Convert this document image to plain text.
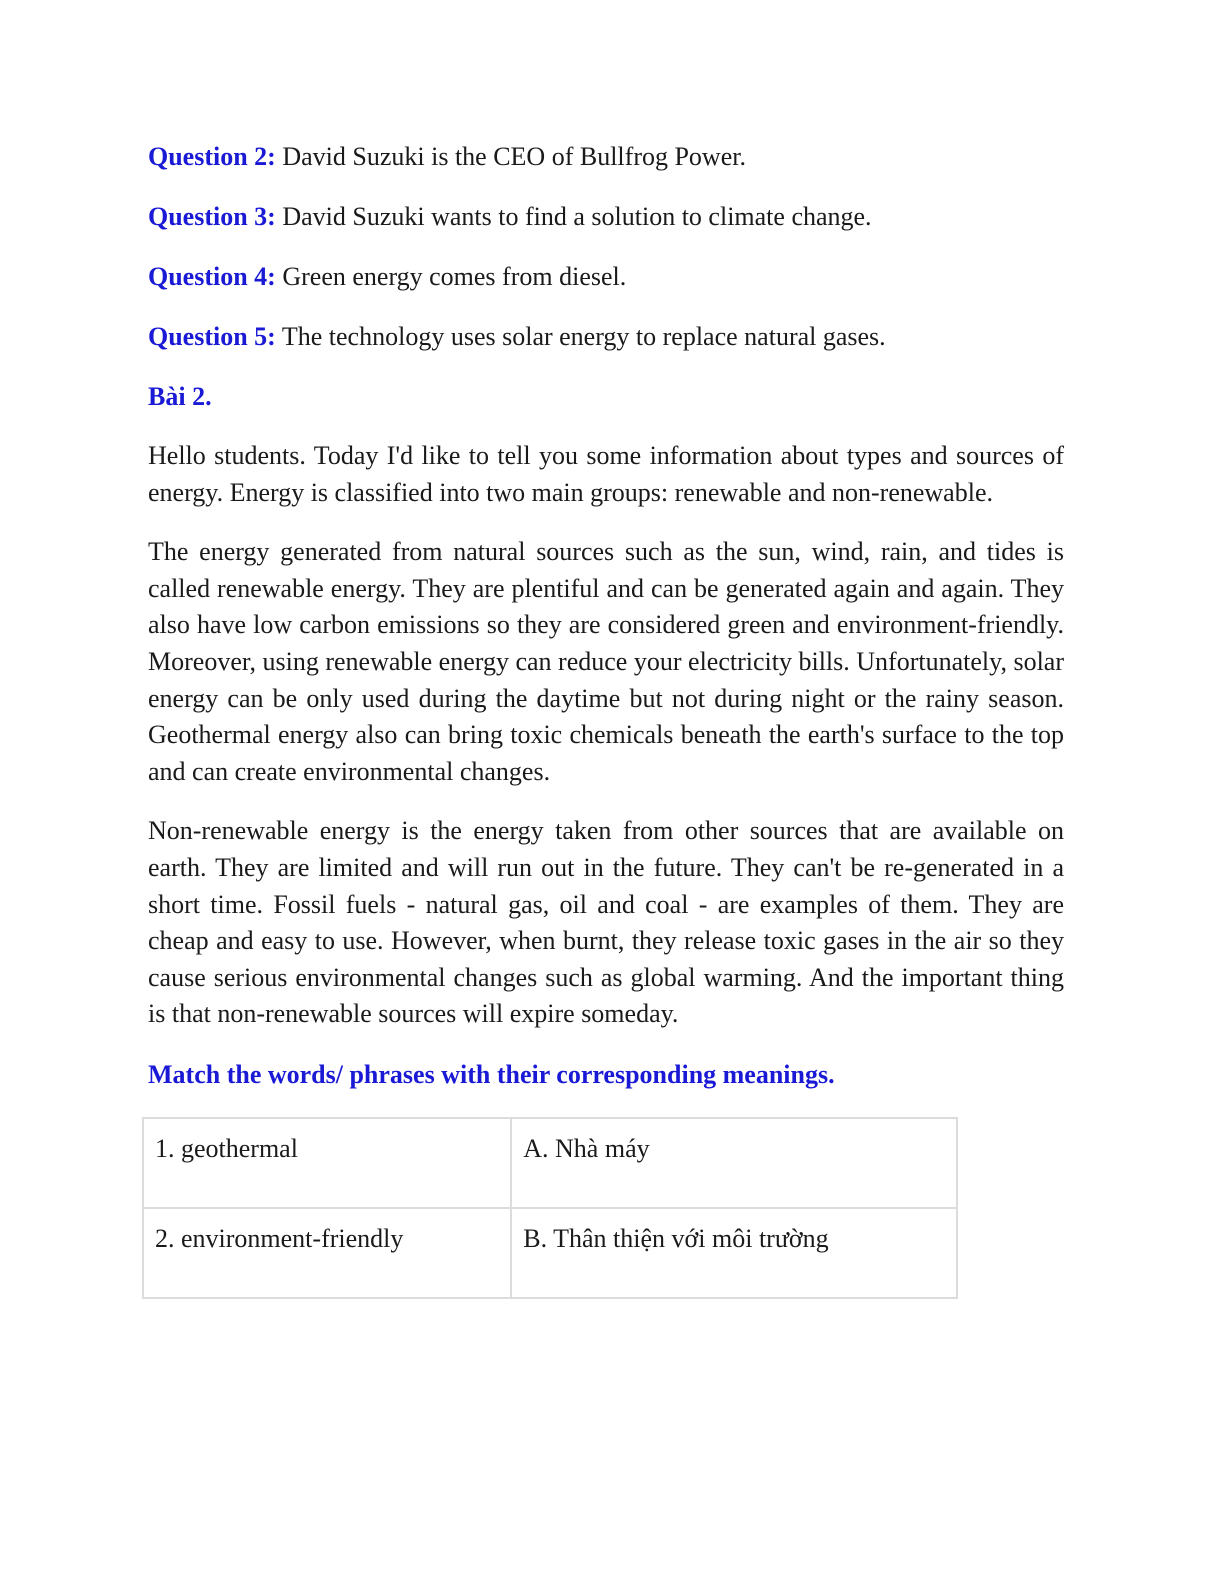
Question 2: David Suzuki is the CEO of Bullfrog Power.

Question 3: David Suzuki wants to find a solution to climate change.

Question 4: Green energy comes from diesel.

Question 5: The technology uses solar energy to replace natural gases.

Bài 2.

Hello students. Today I'd like to tell you some information about types and sources of energy. Energy is classified into two main groups: renewable and non-renewable.

The energy generated from natural sources such as the sun, wind, rain, and tides is called renewable energy. They are plentiful and can be generated again and again. They also have low carbon emissions so they are considered green and environment-friendly. Moreover, using renewable energy can reduce your electricity bills. Unfortunately, solar energy can be only used during the daytime but not during night or the rainy season. Geothermal energy also can bring toxic chemicals beneath the earth's surface to the top and can create environmental changes.

Non-renewable energy is the energy taken from other sources that are available on earth. They are limited and will run out in the future. They can't be re-generated in a short time. Fossil fuels - natural gas, oil and coal - are examples of them. They are cheap and easy to use. However, when burnt, they release toxic gases in the air so they cause serious environmental changes such as global warming. And the important thing is that non-renewable sources will expire someday.

Match the words/ phrases with their corresponding meanings.

1. geothermal	A. Nhà máy
2. environment-friendly	B. Thân thiện với môi trường
